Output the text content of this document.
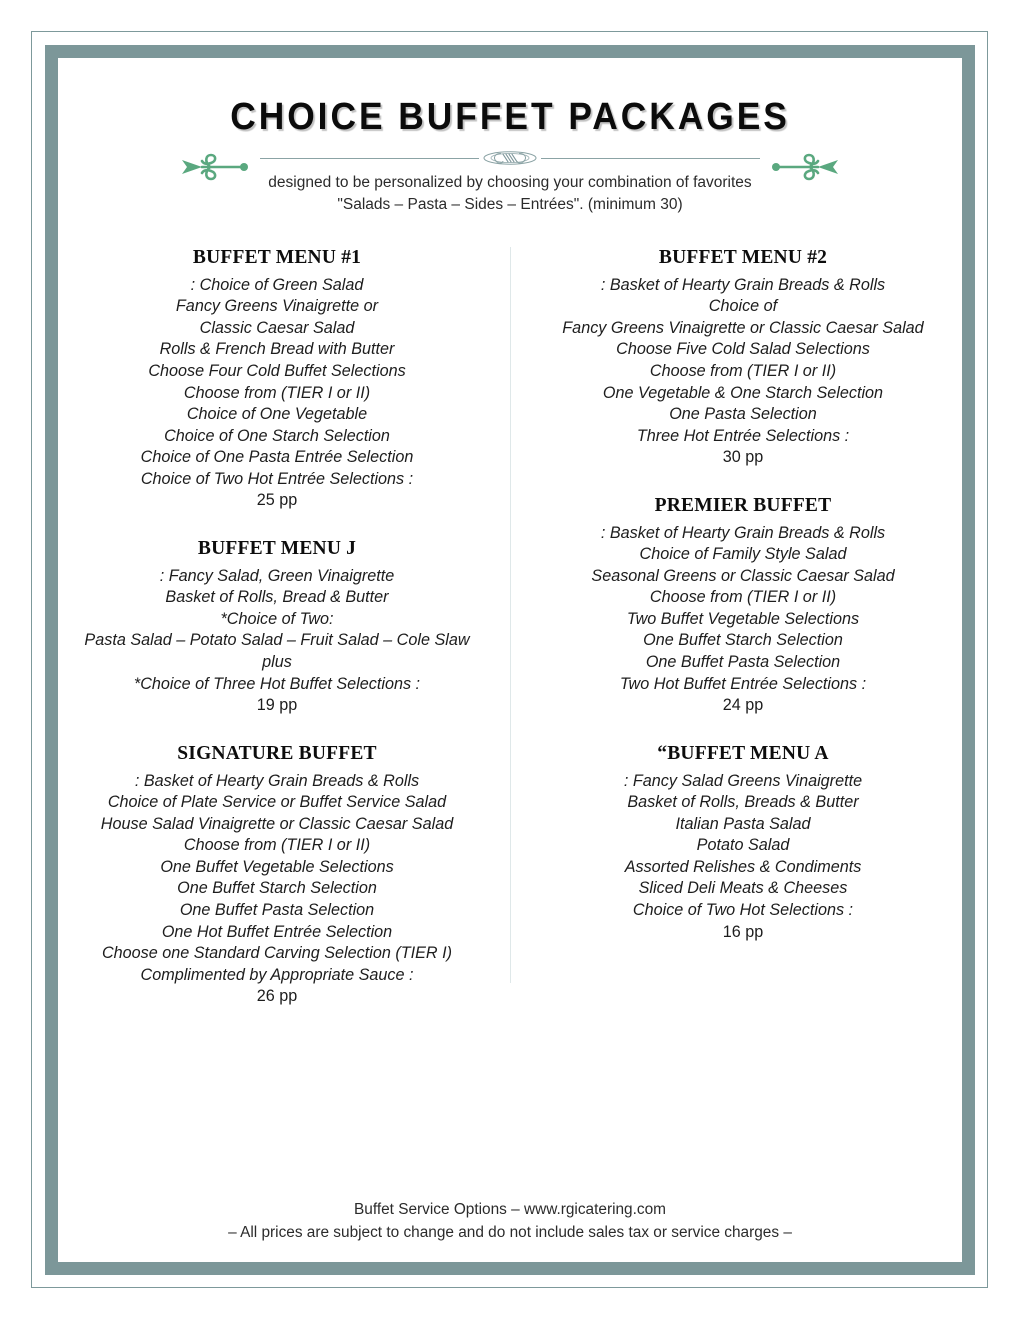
CHOICE BUFFET PACKAGES

designed to be personalized by choosing your combination of favorites

"Salads – Pasta – Sides – Entrées". (minimum 30)

BUFFET MENU #1
: Choice of Green Salad
Fancy Greens Vinaigrette or
Classic Caesar Salad
Rolls & French Bread with Butter
Choose Four Cold Buffet Selections
Choose from (TIER I or II)
Choice of One Vegetable
Choice of One Starch Selection
Choice of One Pasta Entrée Selection
Choice of Two Hot Entrée Selections :
25 pp
BUFFET MENU J
: Fancy Salad, Green Vinaigrette
Basket of Rolls, Bread & Butter
*Choice of Two:
Pasta Salad – Potato Salad – Fruit Salad – Cole Slaw
plus
*Choice of Three Hot Buffet Selections :
19 pp
SIGNATURE BUFFET
: Basket of Hearty Grain Breads & Rolls
Choice of Plate Service or Buffet Service Salad
House Salad Vinaigrette or Classic Caesar Salad
Choose from (TIER I or II)
One Buffet Vegetable Selections
One Buffet Starch Selection
One Buffet Pasta Selection
One Hot Buffet Entrée Selection
Choose one Standard Carving Selection (TIER I)
Complimented by Appropriate Sauce :
26 pp
BUFFET MENU #2
: Basket of Hearty Grain Breads & Rolls
Choice of
Fancy Greens Vinaigrette or Classic Caesar Salad
Choose Five Cold Salad Selections
Choose from (TIER I or II)
One Vegetable & One Starch Selection
One Pasta Selection
Three Hot Entrée Selections :
30 pp
PREMIER BUFFET
: Basket of Hearty Grain Breads & Rolls
Choice of Family Style Salad
Seasonal Greens or Classic Caesar Salad
Choose from (TIER I or II)
Two Buffet Vegetable Selections
One Buffet Starch Selection
One Buffet Pasta Selection
Two Hot Buffet Entrée Selections :
24 pp
“BUFFET MENU A
: Fancy Salad Greens Vinaigrette
Basket of Rolls, Breads & Butter
Italian Pasta Salad
Potato Salad
Assorted Relishes & Condiments
Sliced Deli Meats & Cheeses
Choice of Two Hot Selections :
16 pp
Buffet Service Options – www.rgicatering.com
– All prices are subject to change and do not include sales tax or service charges –
